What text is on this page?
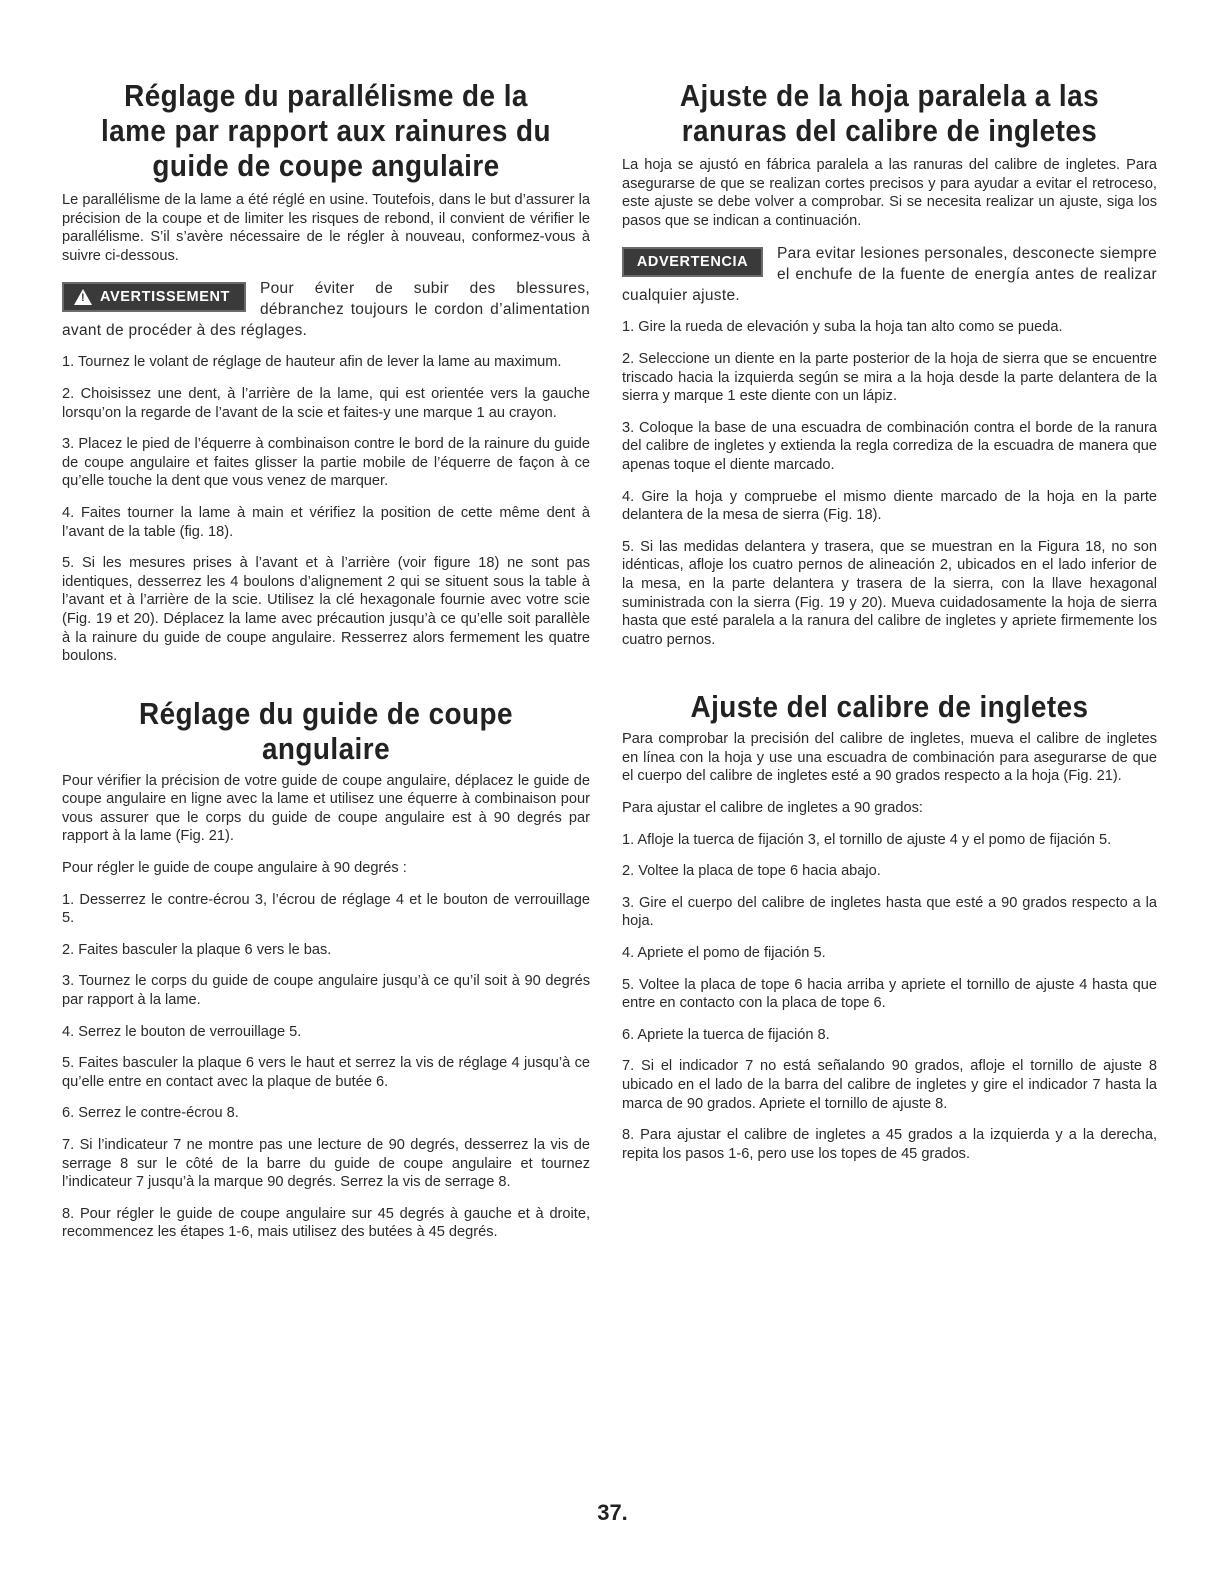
Réglage du parallélisme de la lame par rapport aux rainures du guide de coupe angulaire

Le parallélisme de la lame a été réglé en usine. Toutefois, dans le but d’assurer la précision de la coupe et de limiter les risques de rebond, il convient de vérifier le parallélisme. S’il s’avère nécessaire de le régler à nouveau, conformez-vous à suivre ci-dessous.

!
AVERTISSEMENT	Pour éviter de subir des blessures, débranchez toujours le cordon d’alimentation avant de procéder à des réglages.

1. Tournez le volant de réglage de hauteur afin de lever la lame au maximum.

2. Choisissez une dent, à l’arrière de la lame, qui est orientée vers la gauche lorsqu’on la regarde de l’avant de la scie et faites-y une marque 1 au crayon.

3. Placez le pied de l’équerre à combinaison contre le bord de la rainure du guide de coupe angulaire et faites glisser la partie mobile de l’équerre de façon à ce qu’elle touche la dent que vous venez de marquer.

4. Faites tourner la lame à main et vérifiez la position de cette même dent à l’avant de la table (fig. 18).

5. Si les mesures prises à l’avant et à l’arrière (voir figure 18) ne sont pas identiques, desserrez les 4 boulons d’alignement 2 qui se situent sous la table à l’avant et à l’arrière de la scie. Utilisez la clé hexagonale fournie avec votre scie (Fig. 19 et 20). Déplacez la lame avec précaution jusqu’à ce qu’elle soit parallèle à la rainure du guide de coupe angulaire. Resserrez alors fermement les quatre boulons.

Réglage du guide de coupe angulaire

Pour vérifier la précision de votre guide de coupe angulaire, déplacez le guide de coupe angulaire en ligne avec la lame et utilisez une équerre à combinaison pour vous assurer que le corps du guide de coupe angulaire est à 90 degrés par rapport à la lame (Fig. 21).

Pour régler le guide de coupe angulaire à 90 degrés :

1. Desserrez le contre-écrou 3, l’écrou de réglage 4 et le bouton de verrouillage 5.

2. Faites basculer la plaque 6 vers le bas.

3. Tournez le corps du guide de coupe angulaire jusqu’à ce qu’il soit à 90 degrés par rapport à la lame.

4. Serrez le bouton de verrouillage 5.

5. Faites basculer la plaque 6 vers le haut et serrez la vis de réglage 4 jusqu’à ce qu’elle entre en contact avec la plaque de butée 6.

6. Serrez le contre-écrou 8.

7. Si l’indicateur 7 ne montre pas une lecture de 90 degrés, desserrez la vis de serrage 8 sur le côté de la barre du guide de coupe angulaire et tournez l’indicateur 7 jusqu’à la marque 90 degrés. Serrez la vis de serrage 8.

8. Pour régler le guide de coupe angulaire sur 45 degrés à gauche et à droite, recommencez les étapes 1-6, mais utilisez des butées à 45 degrés.

Ajuste de la hoja paralela a las ranuras del calibre de ingletes

La hoja se ajustó en fábrica paralela a las ranuras del calibre de ingletes. Para asegurarse de que se realizan cortes precisos y para ayudar a evitar el retroceso, este ajuste se debe volver a comprobar. Si se necesita realizar un ajuste, siga los pasos que se indican a continuación.

ADVERTENCIA	Para evitar lesiones personales, desconecte siempre el enchufe de la fuente de energía antes de realizar cualquier ajuste.

1. Gire la rueda de elevación y suba la hoja tan alto como se pueda.

2. Seleccione un diente en la parte posterior de la hoja de sierra que se encuentre triscado hacia la izquierda según se mira a la hoja desde la parte delantera de la sierra y marque 1 este diente con un lápiz.

3. Coloque la base de una escuadra de combinación contra el borde de la ranura del calibre de ingletes y extienda la regla corrediza de la escuadra de manera que apenas toque el diente marcado.

4. Gire la hoja y compruebe el mismo diente marcado de la hoja en la parte delantera de la mesa de sierra (Fig. 18).

5. Si las medidas delantera y trasera, que se muestran en la Figura 18, no son idénticas, afloje los cuatro pernos de alineación 2, ubicados en el lado inferior de la mesa, en la parte delantera y trasera de la sierra, con la llave hexagonal suministrada con la sierra (Fig. 19 y 20). Mueva cuidadosamente la hoja de sierra hasta que esté paralela a la ranura del calibre de ingletes y apriete firmemente los cuatro pernos.

Ajuste del calibre de ingletes

Para comprobar la precisión del calibre de ingletes, mueva el calibre de ingletes en línea con la hoja y use una escuadra de combinación para asegurarse de que el cuerpo del calibre de ingletes esté a 90 grados respecto a la hoja (Fig. 21).

Para ajustar el calibre de ingletes a 90 grados:

1. Afloje la tuerca de fijación 3, el tornillo de ajuste 4 y el pomo de fijación 5.

2. Voltee la placa de tope 6 hacia abajo.

3. Gire el cuerpo del calibre de ingletes hasta que esté a 90 grados respecto a la hoja.

4. Apriete el pomo de fijación 5.

5. Voltee la placa de tope 6 hacia arriba y apriete el tornillo de ajuste 4 hasta que entre en contacto con la placa de tope 6.

6. Apriete la tuerca de fijación 8.

7. Si el indicador 7 no está señalando 90 grados, afloje el tornillo de ajuste 8 ubicado en el lado de la barra del calibre de ingletes y gire el indicador 7 hasta la marca de 90 grados. Apriete el tornillo de ajuste 8.

8. Para ajustar el calibre de ingletes a 45 grados a la izquierda y a la derecha, repita los pasos 1-6, pero use los topes de 45 grados.

37.
